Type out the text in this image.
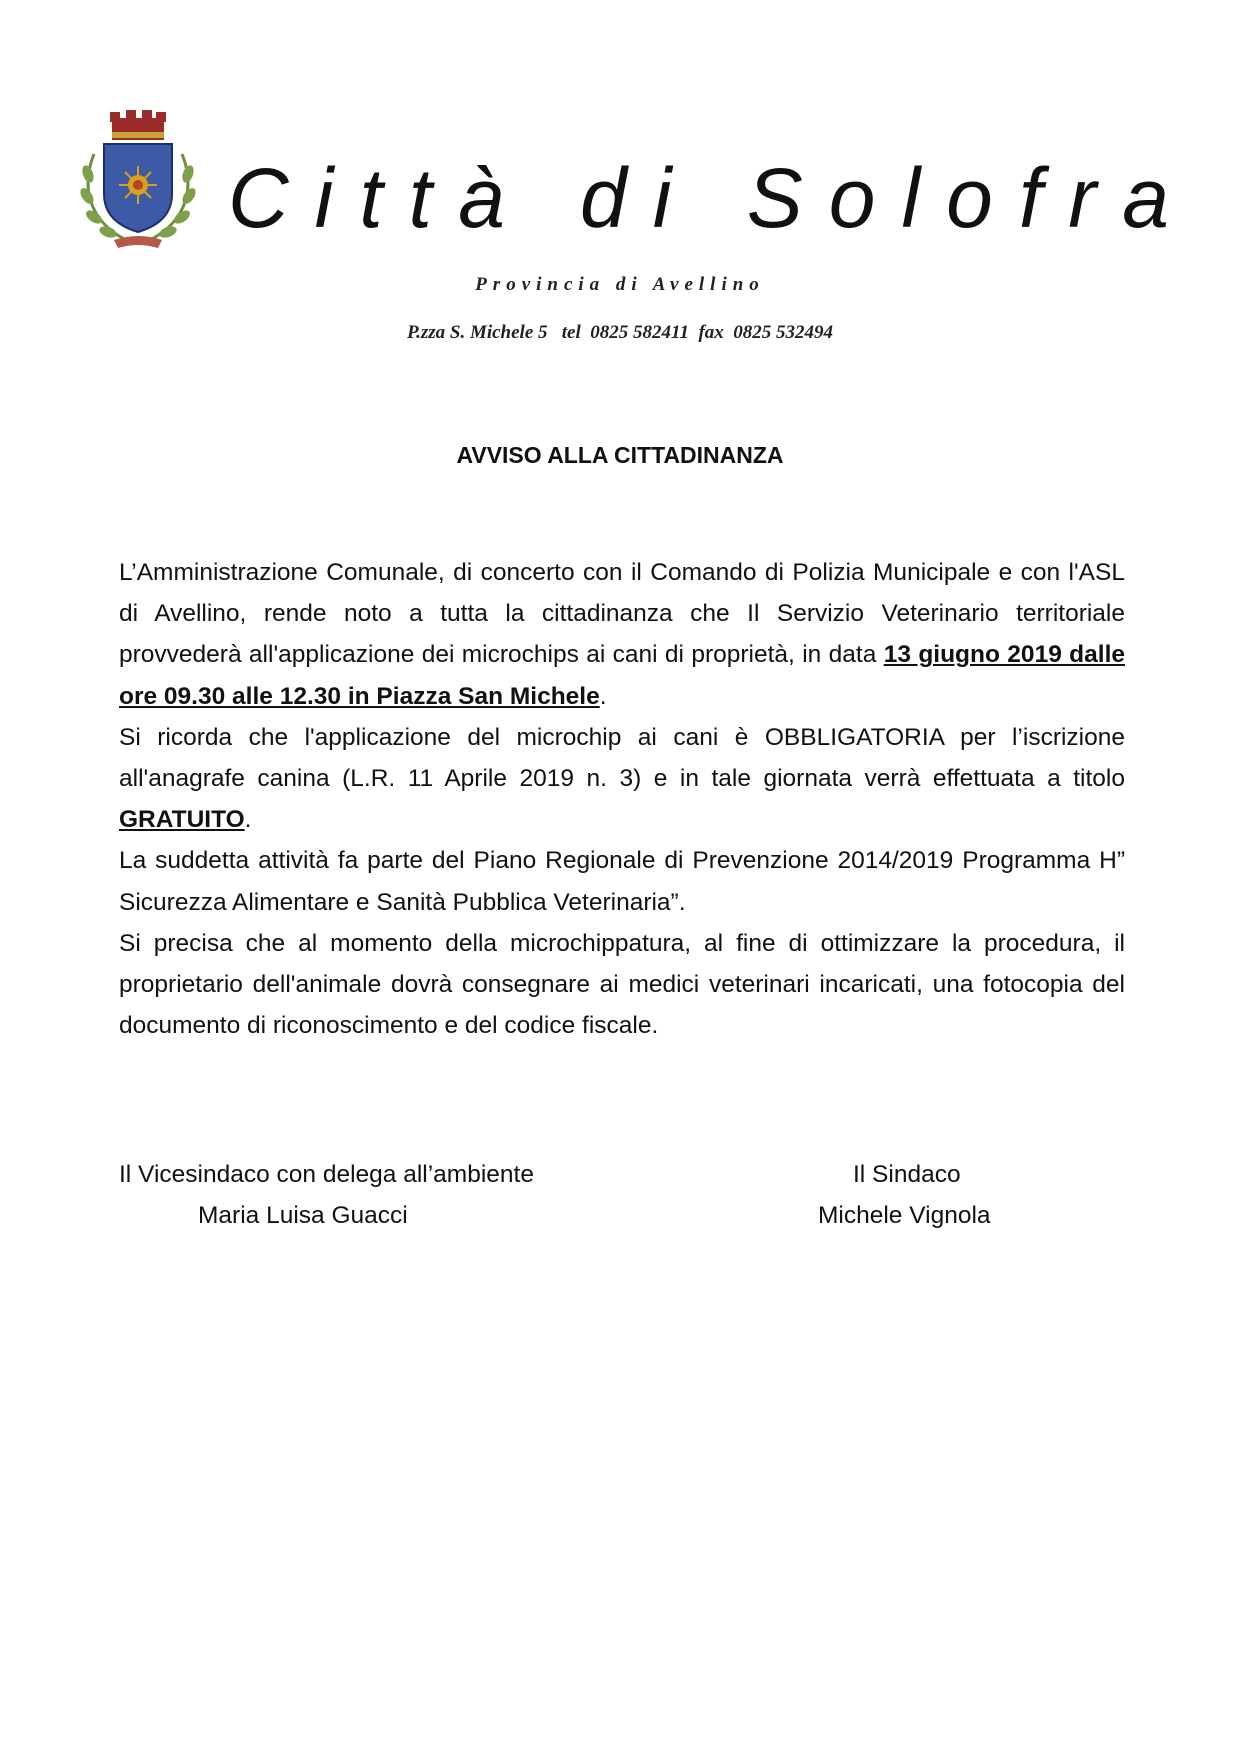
Città di Solofra
Provincia di Avellino
P.zza S. Michele 5   tel  0825 582411  fax  0825 532494
AVVISO ALLA CITTADINANZA

L’Amministrazione Comunale, di concerto con il Comando di Polizia Municipale e con l'ASL di Avellino, rende noto a tutta la cittadinanza che Il Servizio Veterinario territoriale provvederà all'applicazione dei microchips ai cani di proprietà, in data 13 giugno 2019 dalle ore 09.30 alle 12.30 in Piazza San Michele.

Si ricorda che l'applicazione del microchip ai cani è OBBLIGATORIA per l’iscrizione all'anagrafe canina (L.R. 11 Aprile 2019 n. 3) e in tale giornata verrà effettuata a titolo GRATUITO.

La suddetta attività fa parte del Piano Regionale di Prevenzione 2014/2019 Programma H” Sicurezza Alimentare e Sanità Pubblica Veterinaria”.

Si precisa che al momento della microchippatura, al fine di ottimizzare la procedura, il proprietario dell'animale dovrà consegnare ai medici veterinari incaricati, una fotocopia del documento di riconoscimento e del codice fiscale.

Il Vicesindaco con delega all’ambiente
Maria Luisa Guacci
Il Sindaco
Michele Vignola
